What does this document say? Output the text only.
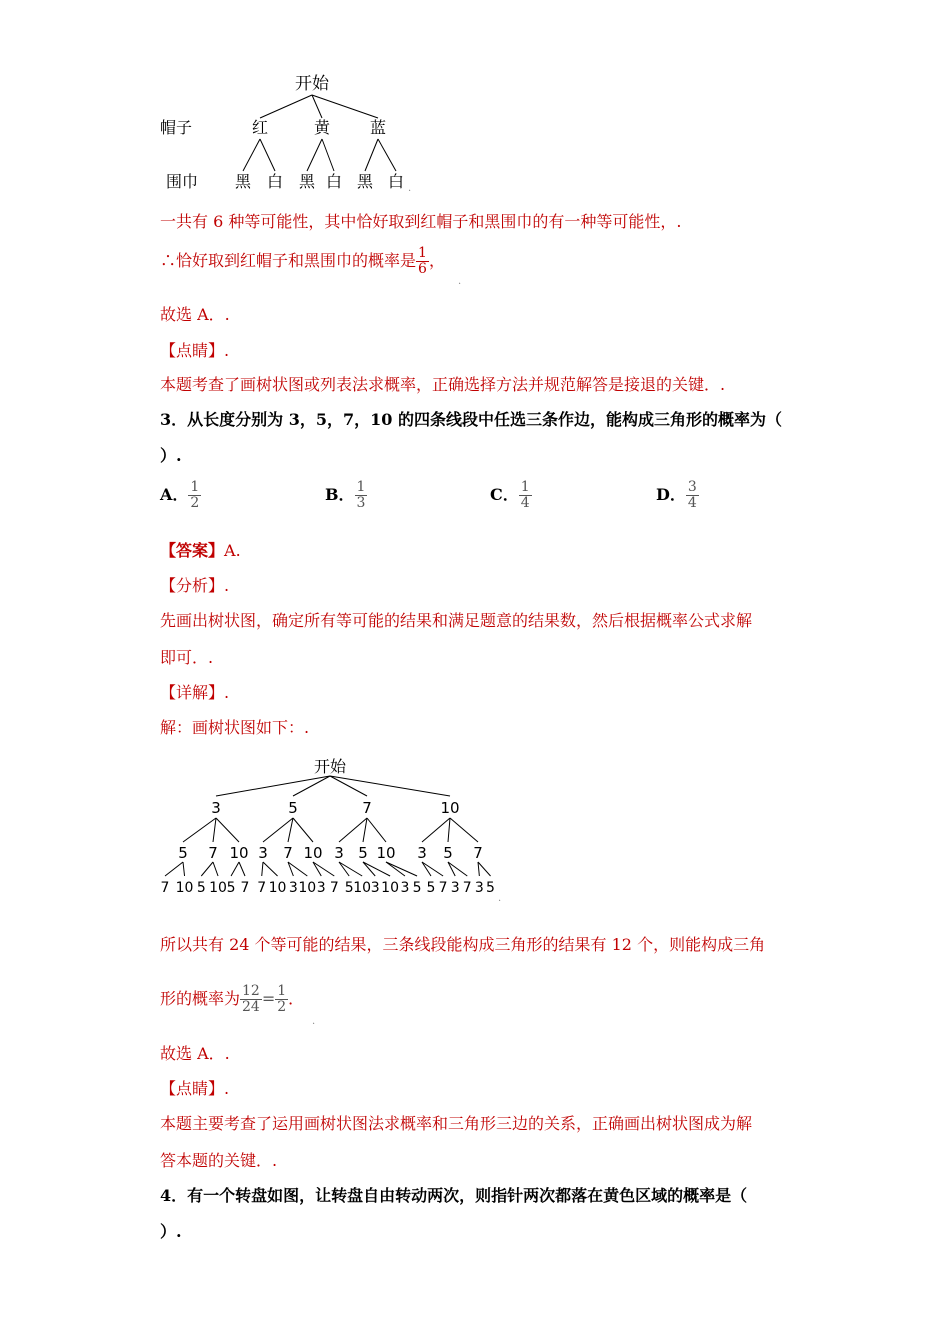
开始
帽子
围巾
红	黄 蓝
黑 白 黑 白 黑 白 .
一共有 6 种等可能性，其中恰好取到红帽子和黑围巾的有一种等可能性，.
∴恰好取到红帽子和黑围巾的概率是 $\frac{1}{6}$ ，
.
故选 A．.
【点睛】.
本题考查了画树状图或列表法求概率，正确选择方法并规范解答是接退的关键．.
3．从长度分别为 3，5，7，10 的四条线段中任选三条作边，能构成三角形的概率为（
）.
A． $\frac{1}{2}$	B． $\frac{1}{3}$	C． $\frac{1}{4}$	D． $\frac{3}{4}$
【答案】A.
【分析】.
先画出树状图，确定所有等可能的结果和满足题意的结果数，然后根据概率公式求解
即可．.
【详解】.
解：画树状图如下：.
开始
3	5	7	10
5 7 10 3 7 10 3 5 10 3 5 7
7 10 5 10 5 7 7 10 3 10 3 7 5 10 3 10 3 5 5 7 3 7 3 5
.
所以共有 24 个等可能的结果，三条线段能构成三角形的结果有 12 个，则能构成三角
形的概率为 $\frac{12}{24} = \frac{1}{2}$ ．
.
故选 A．.
【点睛】.
本题主要考查了运用画树状图法求概率和三角形三边的关系，正确画出树状图成为解
答本题的关键．.
4．有一个转盘如图，让转盘自由转动两次，则指针两次都落在黄色区域的概率是（
）.
